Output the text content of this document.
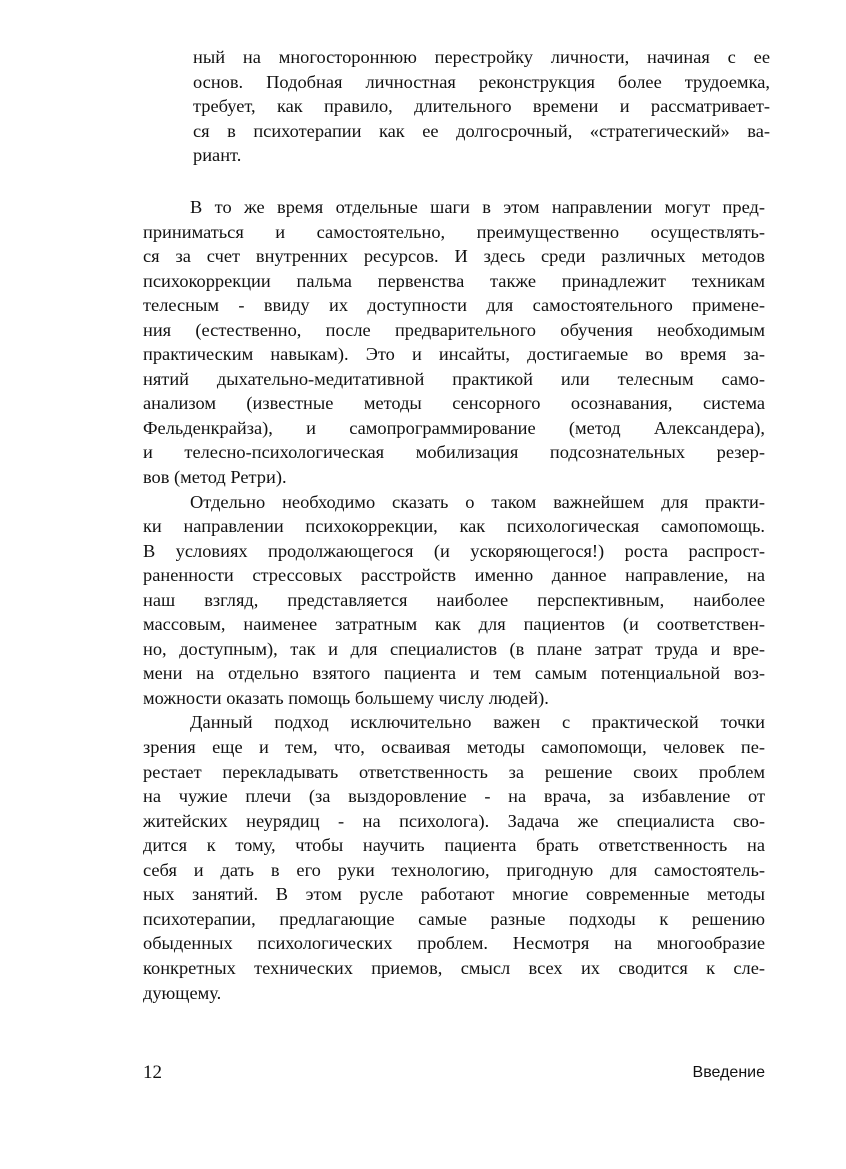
ный на многостороннюю перестройку личности, начиная с ее
основ. Подобная личностная реконструкция более трудоемка,
требует, как правило, длительного времени и рассматривает-
ся в психотерапии как ее долгосрочный, «стратегический» ва-
риант.
В то же время отдельные шаги в этом направлении могут пред-
приниматься и самостоятельно, преимущественно осуществлять-
ся за счет внутренних ресурсов. И здесь среди различных методов
психокоррекции пальма первенства также принадлежит техникам
телесным - ввиду их доступности для самостоятельного примене-
ния (естественно, после предварительного обучения необходимым
практическим навыкам). Это и инсайты, достигаемые во время за-
нятий дыхательно-медитативной практикой или телесным само-
анализом (известные методы сенсорного осознавания, система
Фельденкрайза), и самопрограммирование (метод Александера),
и телесно-психологическая мобилизация подсознательных резер-
вов (метод Ретри).
Отдельно необходимо сказать о таком важнейшем для практи-
ки направлении психокоррекции, как психологическая самопомощь.
В условиях продолжающегося (и ускоряющегося!) роста распрост-
раненности стрессовых расстройств именно данное направление, на
наш взгляд, представляется наиболее перспективным, наиболее
массовым, наименее затратным как для пациентов (и соответствен-
но, доступным), так и для специалистов (в плане затрат труда и вре-
мени на отдельно взятого пациента и тем самым потенциальной воз-
можности оказать помощь большему числу людей).
Данный подход исключительно важен с практической точки
зрения еще и тем, что, осваивая методы самопомощи, человек пе-
рестает перекладывать ответственность за решение своих проблем
на чужие плечи (за выздоровление - на врача, за избавление от
житейских неурядиц - на психолога). Задача же специалиста сво-
дится к тому, чтобы научить пациента брать ответственность на
себя и дать в его руки технологию, пригодную для самостоятель-
ных занятий. В этом русле работают многие современные методы
психотерапии, предлагающие самые разные подходы к решению
обыденных психологических проблем. Несмотря на многообразие
конкретных технических приемов, смысл всех их сводится к сле-
дующему.
12	Введение
